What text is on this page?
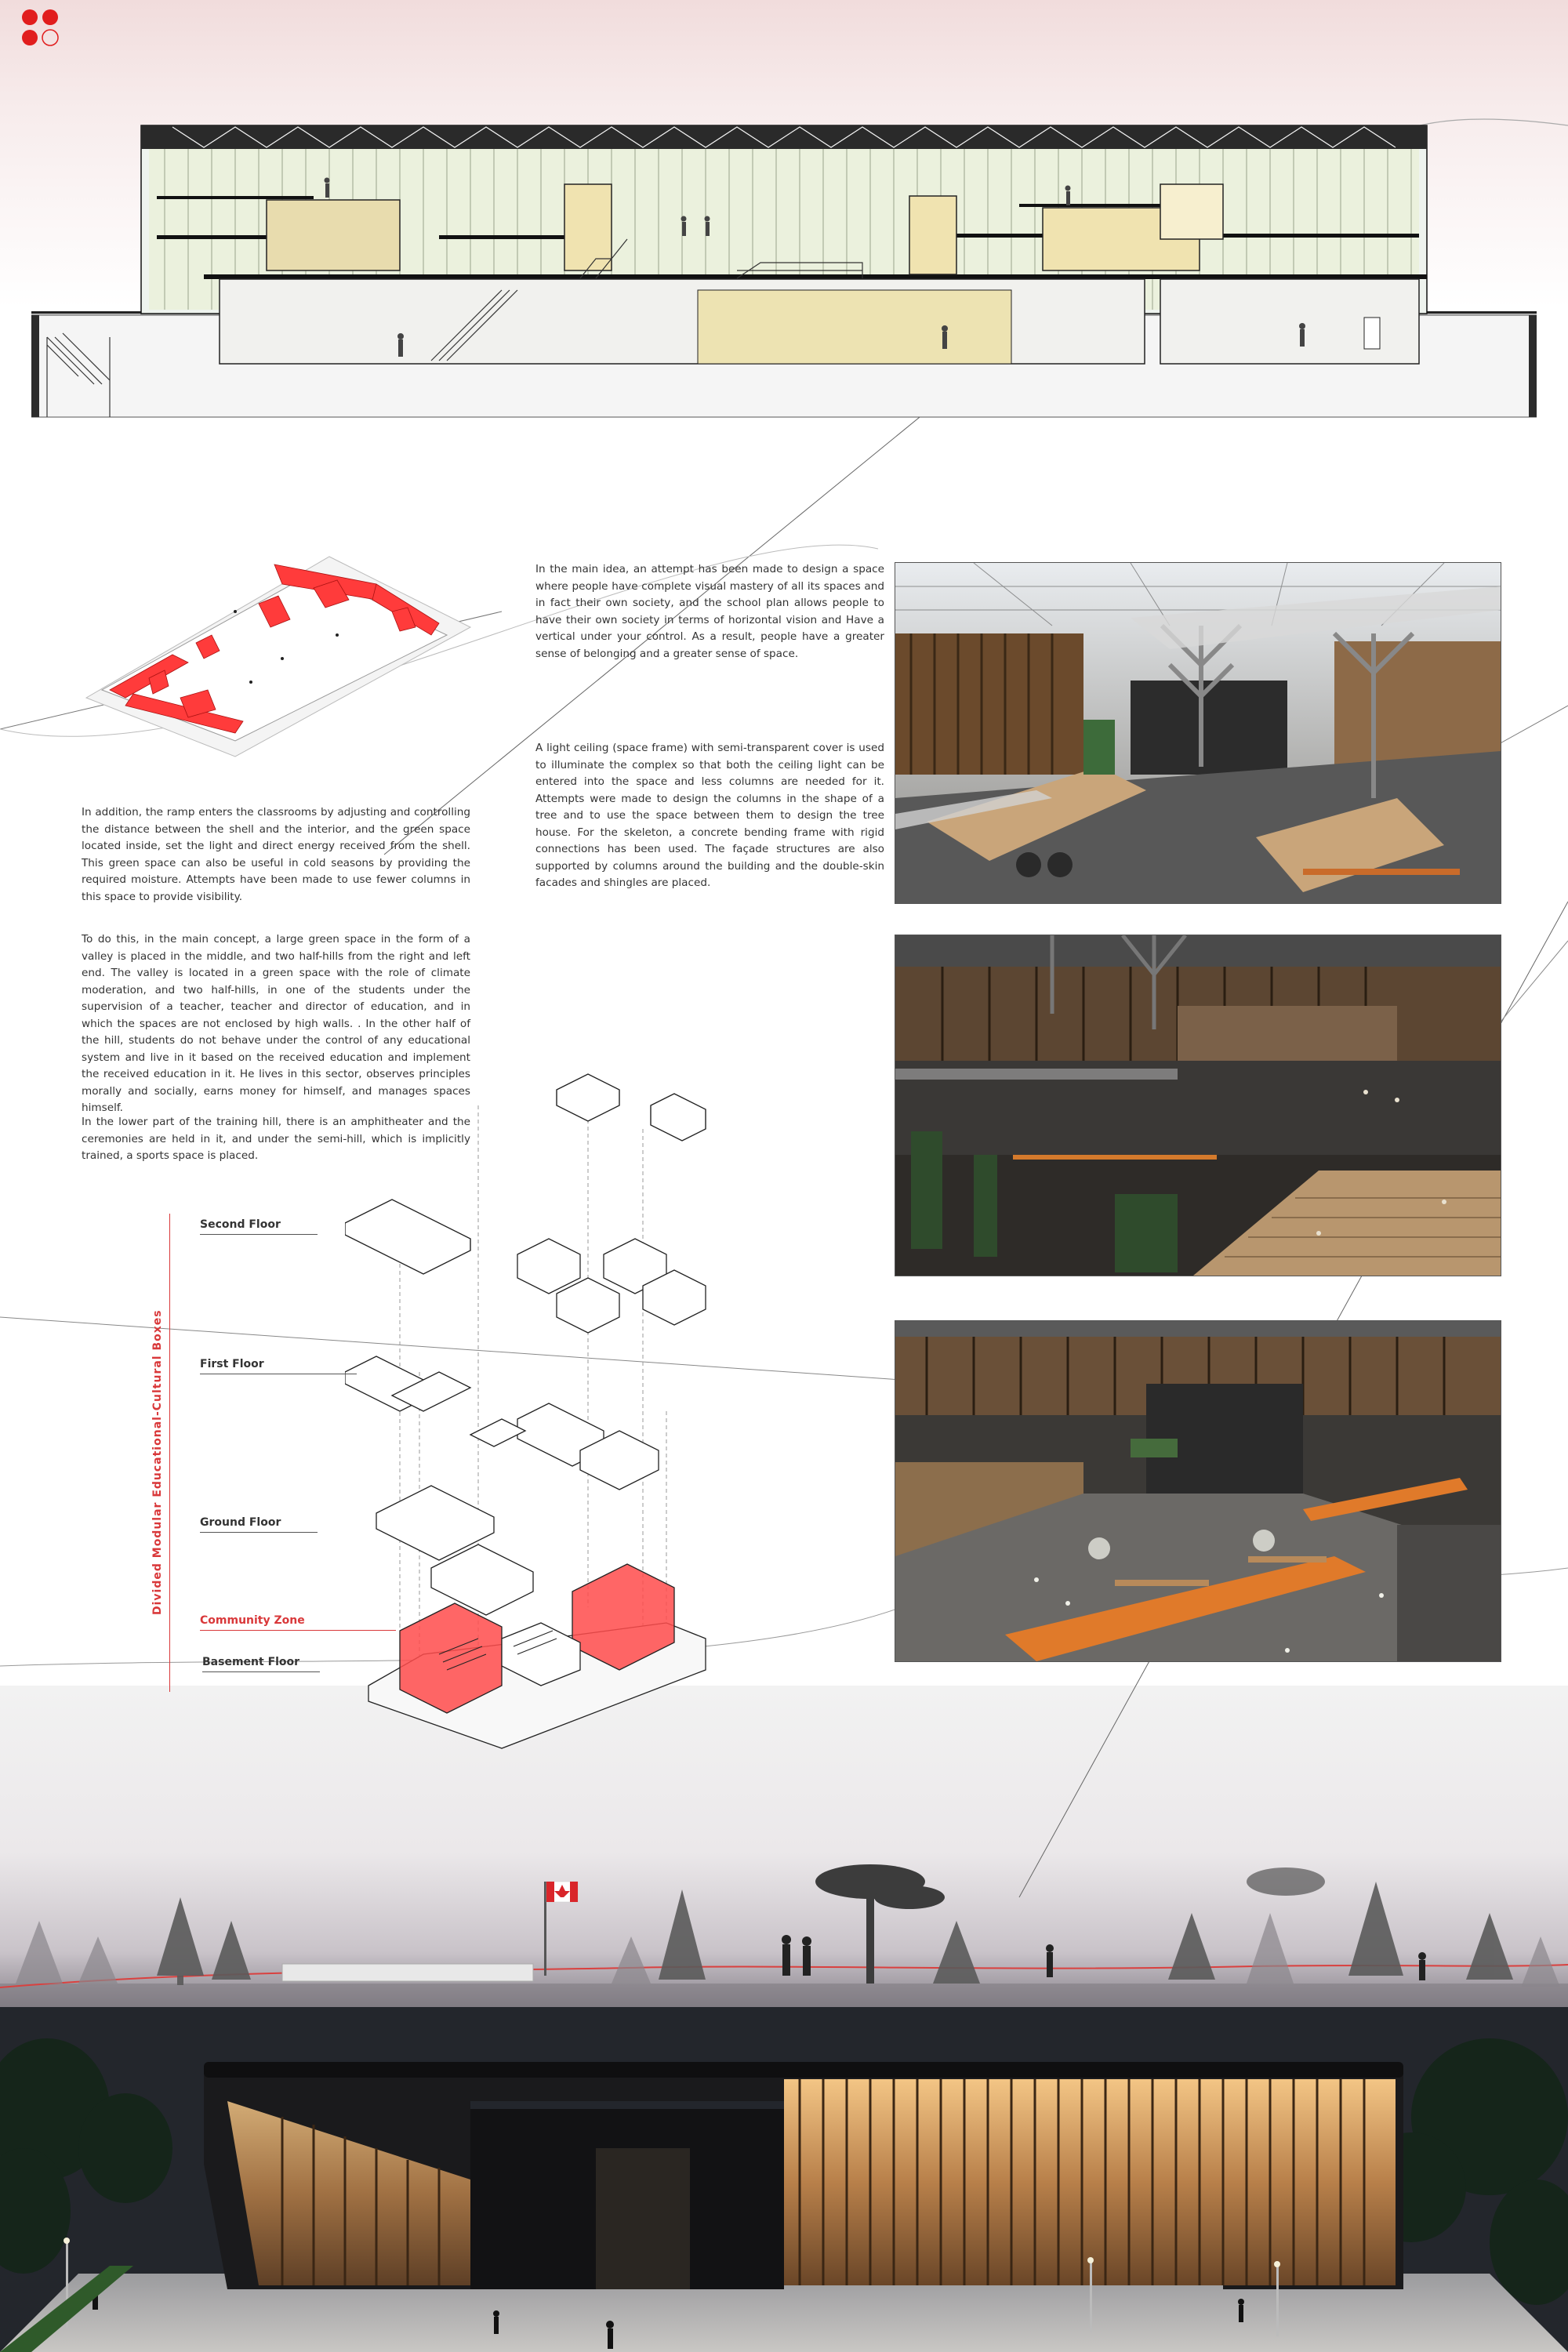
In the main idea, an attempt has been made to design a space where people have complete visual mastery of all its spaces and in fact their own society, and the school plan allows people to have their own society in terms of horizontal vision and Have a vertical under your control. As a result, people have a greater sense of belonging and a greater sense of space.

A light ceiling (space frame) with semi-transparent cover is used to illuminate the complex so that both the ceiling light can be entered into the space and less columns are needed for it. Attempts were made to design the columns in the shape of a tree and to use the space between them to design the tree house. For the skeleton, a concrete bending frame with rigid connections has been used. The façade structures are also supported by columns around the building and the double-skin facades and shingles are placed.

In addition, the ramp enters the classrooms by adjusting and controlling the distance between the shell and the interior, and the green space located inside, set the light and direct energy received from the shell. This green space can also be useful in cold seasons by providing the required moisture. Attempts have been made to use fewer columns in this space to provide visibility.

To do this, in the main concept, a large green space in the form of a valley is placed in the middle, and two half-hills from the right and left end. The valley is located in a green space with the role of climate moderation, and two half-hills, in one of the students under the supervision of a teacher, teacher and director of education, and in which the spaces are not enclosed by high walls. . In the other half of the hill, students do not behave under the control of any educational system and live in it based on the received education and implement the received education in it. He lives in this sector, observes principles morally and socially, earns money for himself, and manages spaces himself.

In the lower part of the training hill, there is an amphitheater and the ceremonies are held in it, and under the semi-hill, which is implicitly trained, a sports space is placed.

Divided Modular Educational-Cultural Boxes
Second Floor
First Floor
Ground Floor
Community Zone
Basement Floor
